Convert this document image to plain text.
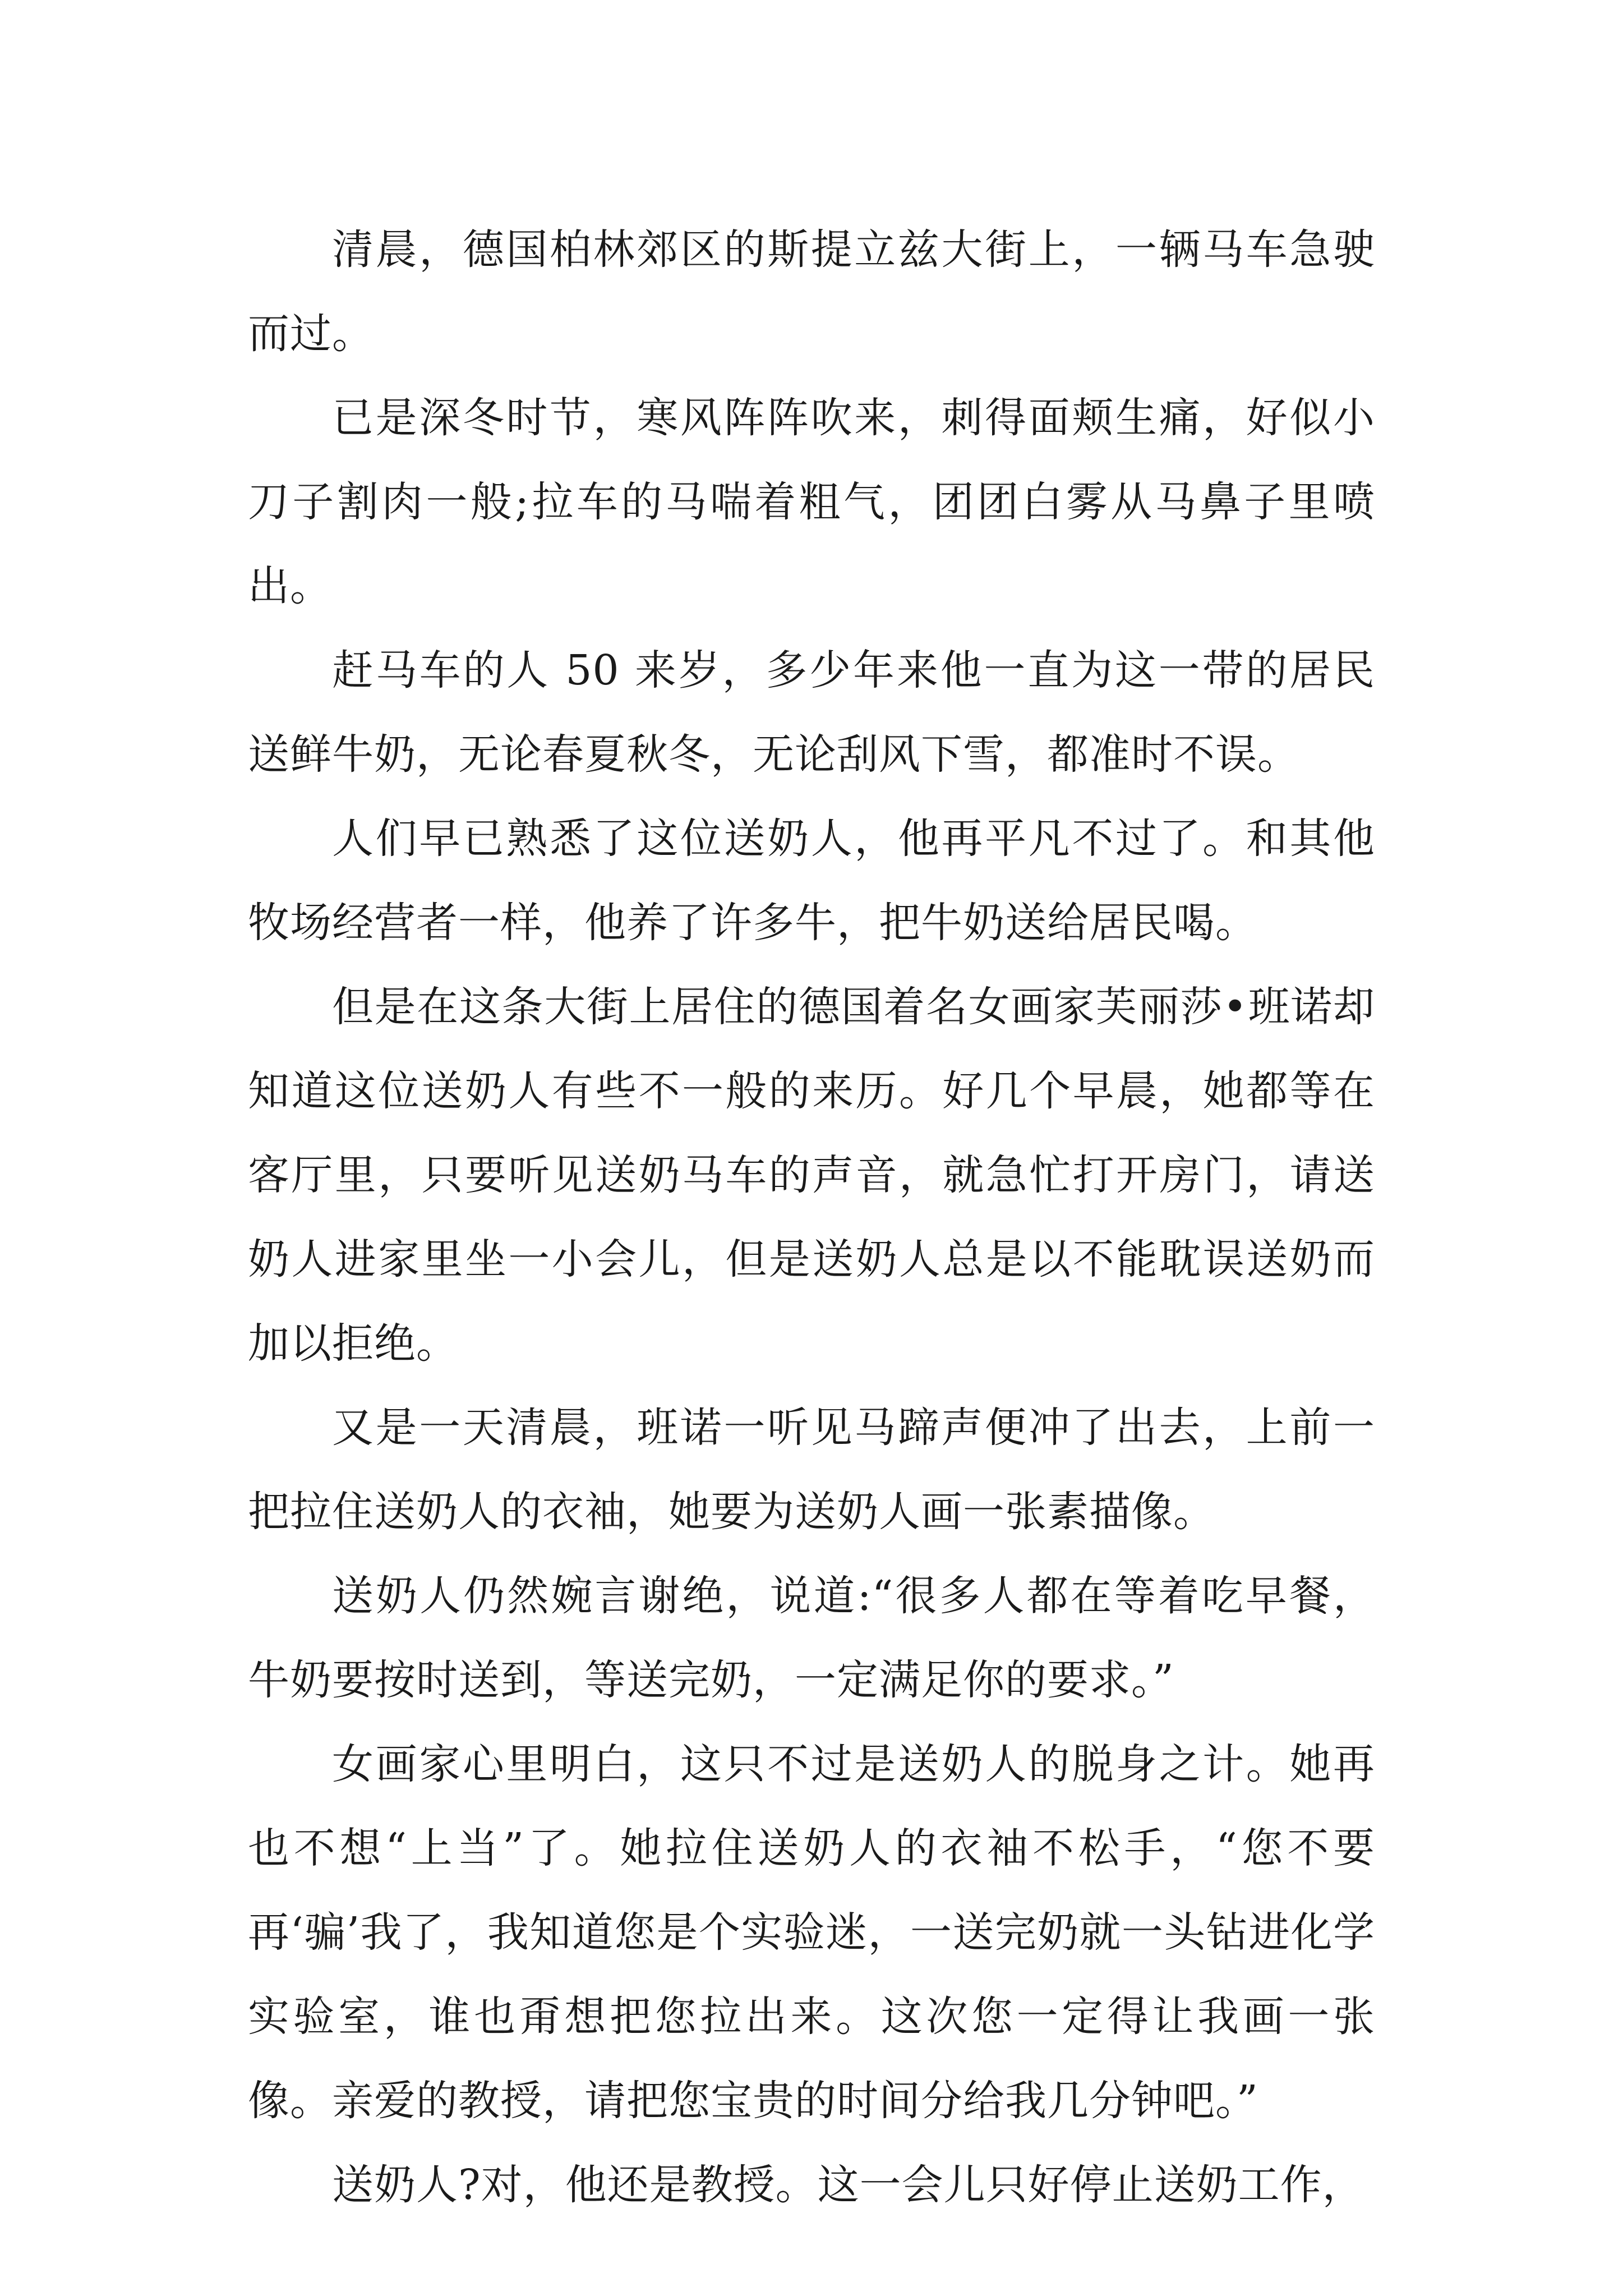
清晨，德国柏林郊区的斯提立兹大街上，一辆马车急驶而过。

已是深冬时节，寒风阵阵吹来，刺得面颊生痛，好似小刀子割肉一般;拉车的马喘着粗气，团团白雾从马鼻子里喷出。

赶马车的人 50 来岁，多少年来他一直为这一带的居民送鲜牛奶，无论春夏秋冬，无论刮风下雪，都准时不误。

人们早已熟悉了这位送奶人，他再平凡不过了。和其他牧场经营者一样，他养了许多牛，把牛奶送给居民喝。

但是在这条大街上居住的德国着名女画家芙丽莎•班诺却知道这位送奶人有些不一般的来历。好几个早晨，她都等在客厅里，只要听见送奶马车的声音，就急忙打开房门，请送奶人进家里坐一小会儿，但是送奶人总是以不能耽误送奶而加以拒绝。

又是一天清晨，班诺一听见马蹄声便冲了出去，上前一把拉住送奶人的衣袖，她要为送奶人画一张素描像。

送奶人仍然婉言谢绝，说道:“很多人都在等着吃早餐，牛奶要按时送到，等送完奶，一定满足你的要求。”

女画家心里明白，这只不过是送奶人的脱身之计。她再也不想“上当”了。她拉住送奶人的衣袖不松手，“您不要再‘骗’我了，我知道您是个实验迷，一送完奶就一头钻进化学实验室，谁也甭想把您拉出来。这次您一定得让我画一张像。亲爱的教授，请把您宝贵的时间分给我几分钟吧。”

送奶人?对，他还是教授。这一会儿只好停止送奶工作，
